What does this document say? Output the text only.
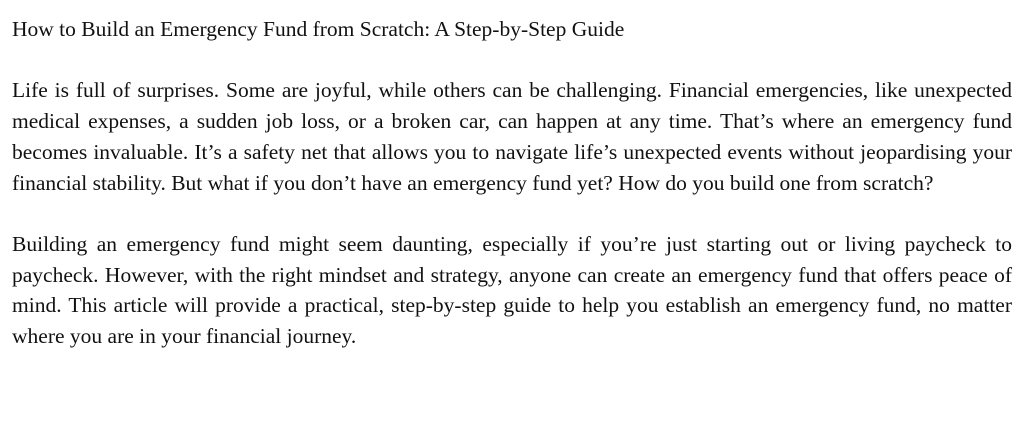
How to Build an Emergency Fund from Scratch: A Step-by-Step Guide

Life is full of surprises. Some are joyful, while others can be challenging. Financial emergencies, like unexpected medical expenses, a sudden job loss, or a broken car, can happen at any time. That’s where an emergency fund becomes invaluable. It’s a safety net that allows you to navigate life’s unexpected events without jeopardising your financial stability. But what if you don’t have an emergency fund yet? How do you build one from scratch?

Building an emergency fund might seem daunting, especially if you’re just starting out or living paycheck to paycheck. However, with the right mindset and strategy, anyone can create an emergency fund that offers peace of mind. This article will provide a practical, step-by-step guide to help you establish an emergency fund, no matter where you are in your financial journey.
